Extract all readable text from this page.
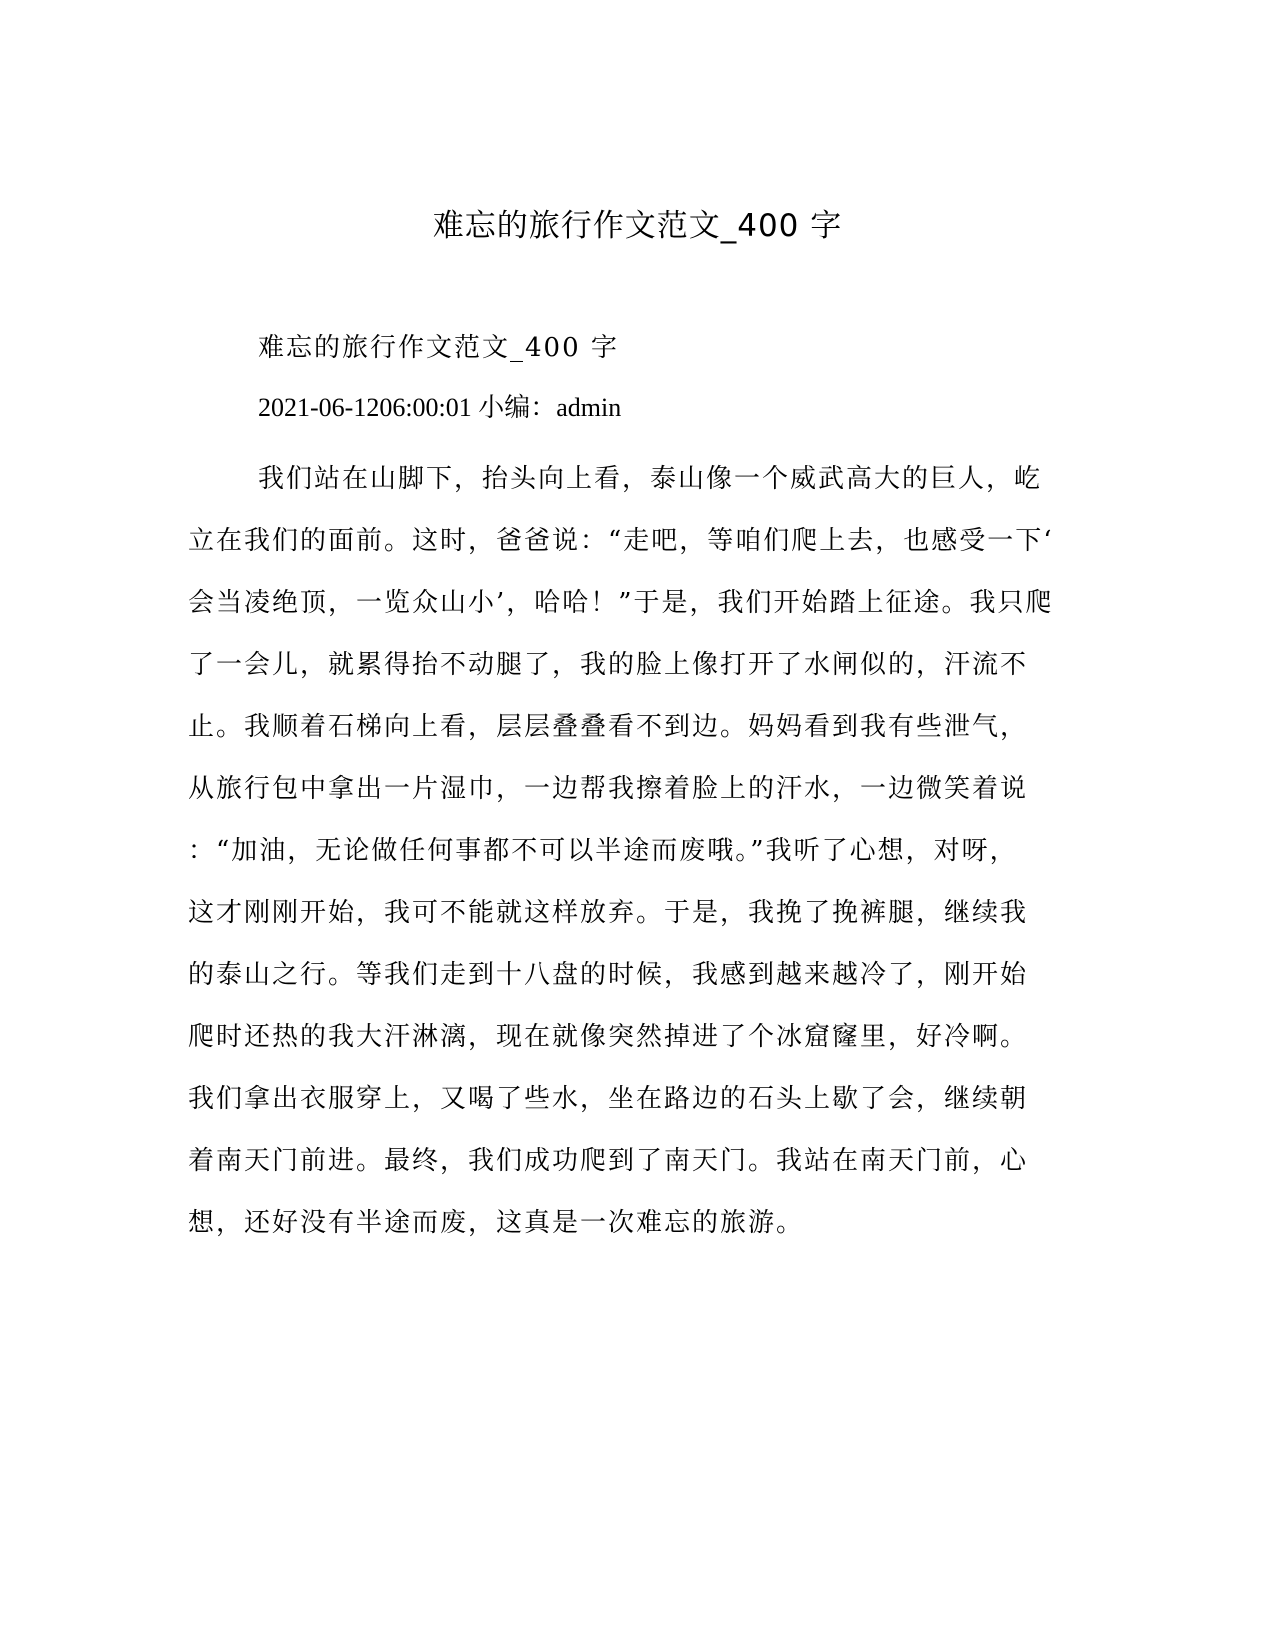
难忘的旅行作文范文_400 字
难忘的旅行作文范文_400 字
2021-06-1206:00:01 小编：admin
我们站在山脚下，抬头向上看，泰山像一个威武高大的巨人，屹
立在我们的面前。这时，爸爸说：“走吧，等咱们爬上去，也感受一下‘
会当凌绝顶，一览众山小’，哈哈！”于是，我们开始踏上征途。我只爬
了一会儿，就累得抬不动腿了，我的脸上像打开了水闸似的，汗流不
止。我顺着石梯向上看，层层叠叠看不到边。妈妈看到我有些泄气，
从旅行包中拿出一片湿巾，一边帮我擦着脸上的汗水，一边微笑着说
：“加油，无论做任何事都不可以半途而废哦。”我听了心想，对呀，
这才刚刚开始，我可不能就这样放弃。于是，我挽了挽裤腿，继续我
的泰山之行。等我们走到十八盘的时候，我感到越来越冷了，刚开始
爬时还热的我大汗淋漓，现在就像突然掉进了个冰窟窿里，好冷啊。
我们拿出衣服穿上，又喝了些水，坐在路边的石头上歇了会，继续朝
着南天门前进。最终，我们成功爬到了南天门。我站在南天门前，心
想，还好没有半途而废，这真是一次难忘的旅游。
